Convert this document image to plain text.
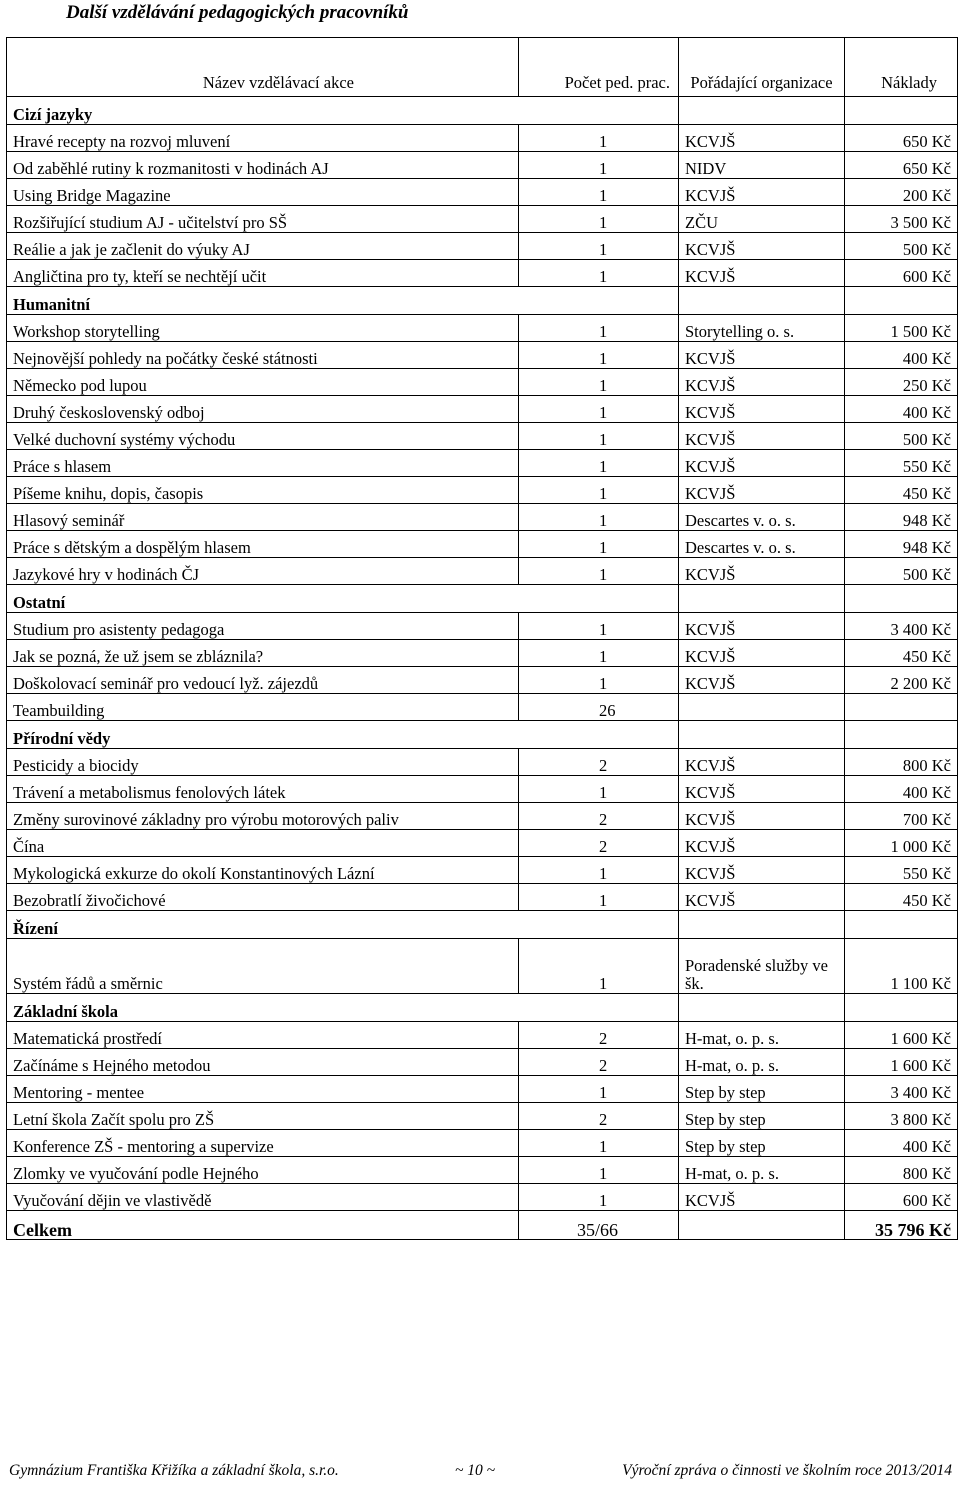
Další vzdělávání pedagogických pracovníků
Název vzdělávací akce	Počet ped. prac.	Pořádající organizace	Náklady
Cizí jazyky			
Hravé recepty na rozvoj mluvení	1	KCVJŠ	650 Kč
Od zaběhlé rutiny k rozmanitosti v hodinách AJ	1	NIDV	650 Kč
Using Bridge Magazine	1	KCVJŠ	200 Kč
Rozšiřující studium AJ - učitelství pro SŠ	1	ZČU	3 500 Kč
Reálie a jak je začlenit do výuky AJ	1	KCVJŠ	500 Kč
Angličtina pro ty, kteří se nechtějí učit	1	KCVJŠ	600 Kč
Humanitní			
Workshop storytelling	1	Storytelling o. s.	1 500 Kč
Nejnovější pohledy na počátky české státnosti	1	KCVJŠ	400 Kč
Německo pod lupou	1	KCVJŠ	250 Kč
Druhý československý odboj	1	KCVJŠ	400 Kč
Velké duchovní systémy východu	1	KCVJŠ	500 Kč
Práce s hlasem	1	KCVJŠ	550 Kč
Píšeme knihu, dopis, časopis	1	KCVJŠ	450 Kč
Hlasový seminář	1	Descartes v. o. s.	948 Kč
Práce s dětským a dospělým hlasem	1	Descartes v. o. s.	948 Kč
Jazykové hry v hodinách ČJ	1	KCVJŠ	500 Kč
Ostatní			
Studium pro asistenty pedagoga	1	KCVJŠ	3 400 Kč
Jak se pozná, že už jsem se zbláznila?	1	KCVJŠ	450 Kč
Doškolovací seminář pro vedoucí lyž. zájezdů	1	KCVJŠ	2 200 Kč
Teambuilding	26		
Přírodní vědy			
Pesticidy a biocidy	2	KCVJŠ	800 Kč
Trávení a metabolismus fenolových látek	1	KCVJŠ	400 Kč
Změny surovinové základny pro výrobu motorových paliv	2	KCVJŠ	700 Kč
Čína	2	KCVJŠ	1 000 Kč
Mykologická exkurze do okolí Konstantinových Lázní	1	KCVJŠ	550 Kč
Bezobratlí živočichové	1	KCVJŠ	450 Kč
Řízení			
Systém řádů a směrnic	1	Poradenské služby ve šk.	1 100 Kč
Základní škola			
Matematická prostředí	2	H-mat, o. p. s.	1 600 Kč
Začínáme s Hejného metodou	2	H-mat, o. p. s.	1 600 Kč
Mentoring - mentee	1	Step by step	3 400 Kč
Letní škola Začít spolu pro ZŠ	2	Step by step	3 800 Kč
Konference ZŠ - mentoring a supervize	1	Step by step	400 Kč
Zlomky ve vyučování podle Hejného	1	H-mat, o. p. s.	800 Kč
Vyučování dějin ve vlastivědě	1	KCVJŠ	600 Kč
Celkem	35/66		35 796 Kč
Gymnázium Františka Křižíka a základní škola, s.r.o.	~ 10 ~	Výroční zpráva o činnosti ve školním roce 2013/2014
